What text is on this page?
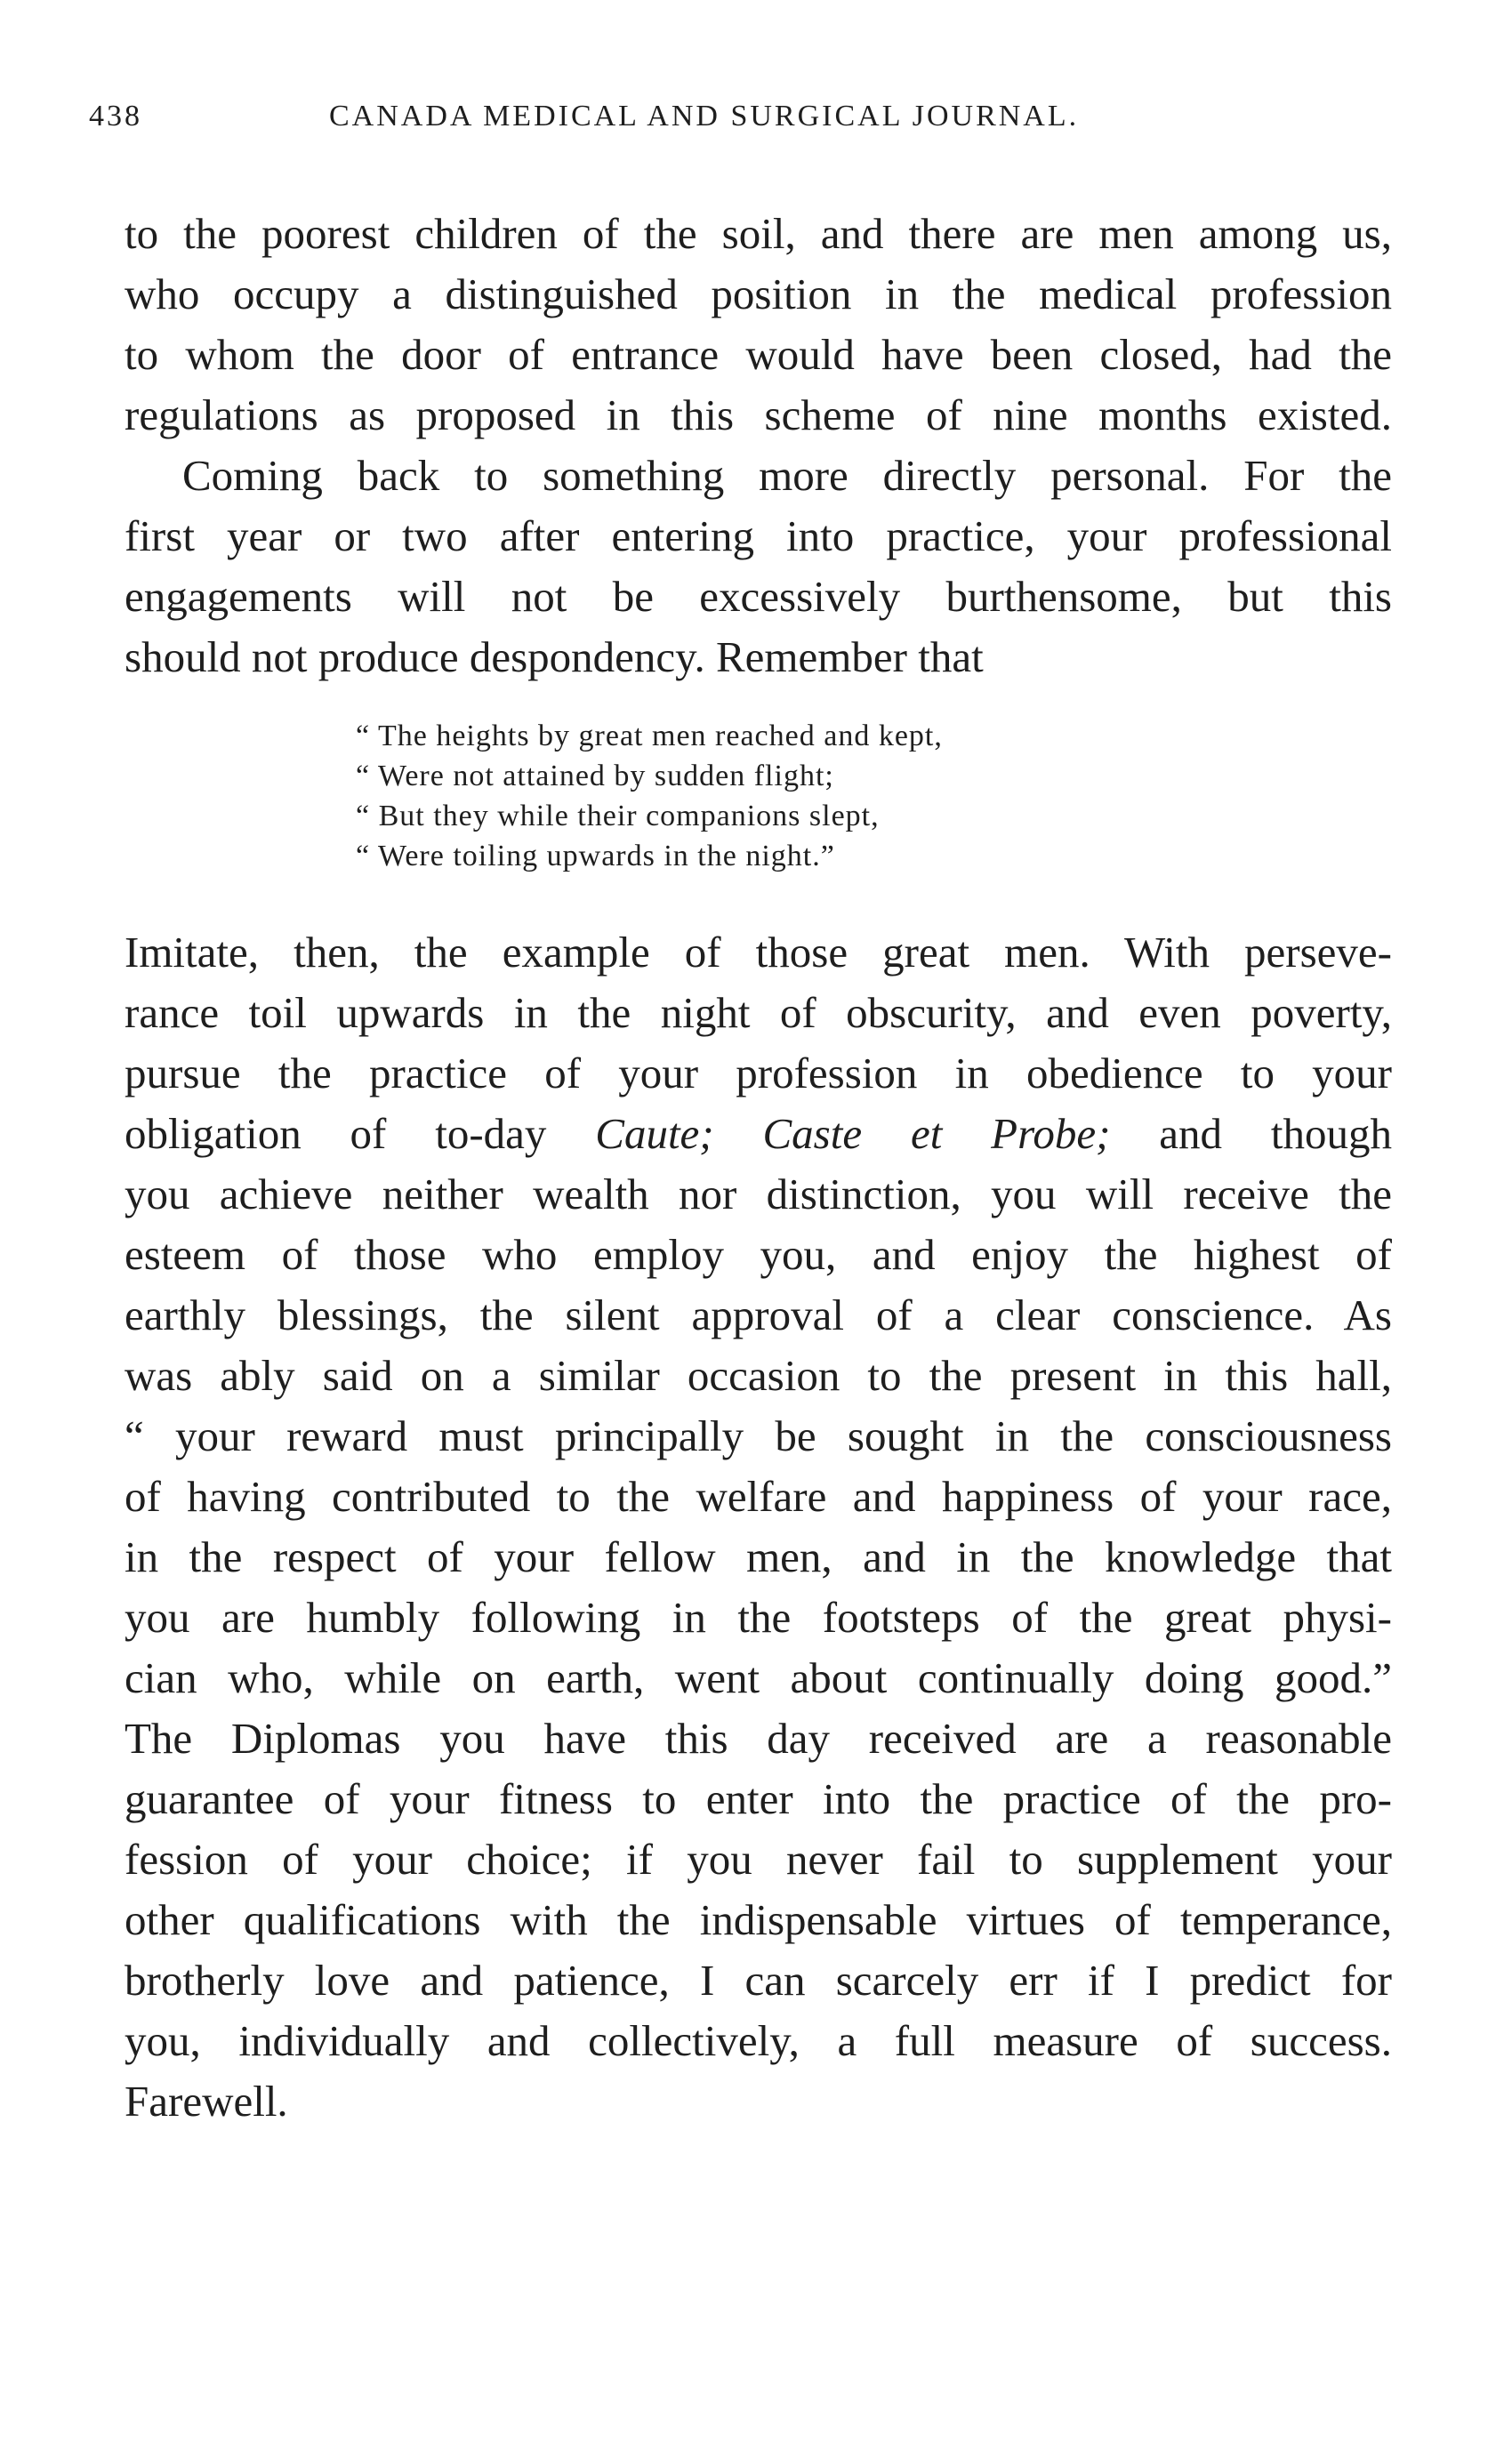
438	CANADA MEDICAL AND SURGICAL JOURNAL.
to the poorest children of the soil, and there are men among us,
who occupy a distinguished position in the medical profession
to whom the door of entrance would have been closed, had the
regulations as proposed in this scheme of nine months existed.
Coming back to something more directly personal. For the
first year or two after entering into practice, your professional
engagements will not be excessively burthensome, but this
should not produce despondency. Remember that
“ The heights by great men reached and kept,
“ Were not attained by sudden flight;
“ But they while their companions slept,
“ Were toiling upwards in the night.”
Imitate, then, the example of those great men. With perseve-
rance toil upwards in the night of obscurity, and even poverty,
pursue the practice of your profession in obedience to your
obligation of to-day Caute; Caste et Probe; and though
you achieve neither wealth nor distinction, you will receive the
esteem of those who employ you, and enjoy the highest of
earthly blessings, the silent approval of a clear conscience. As
was ably said on a similar occasion to the present in this hall,
“ your reward must principally be sought in the consciousness
of having contributed to the welfare and happiness of your race,
in the respect of your fellow men, and in the knowledge that
you are humbly following in the footsteps of the great physi-
cian who, while on earth, went about continually doing good.”
The Diplomas you have this day received are a reasonable
guarantee of your fitness to enter into the practice of the pro-
fession of your choice; if you never fail to supplement your
other qualifications with the indispensable virtues of temperance,
brotherly love and patience, I can scarcely err if I predict for
you, individually and collectively, a full measure of success.
Farewell.
